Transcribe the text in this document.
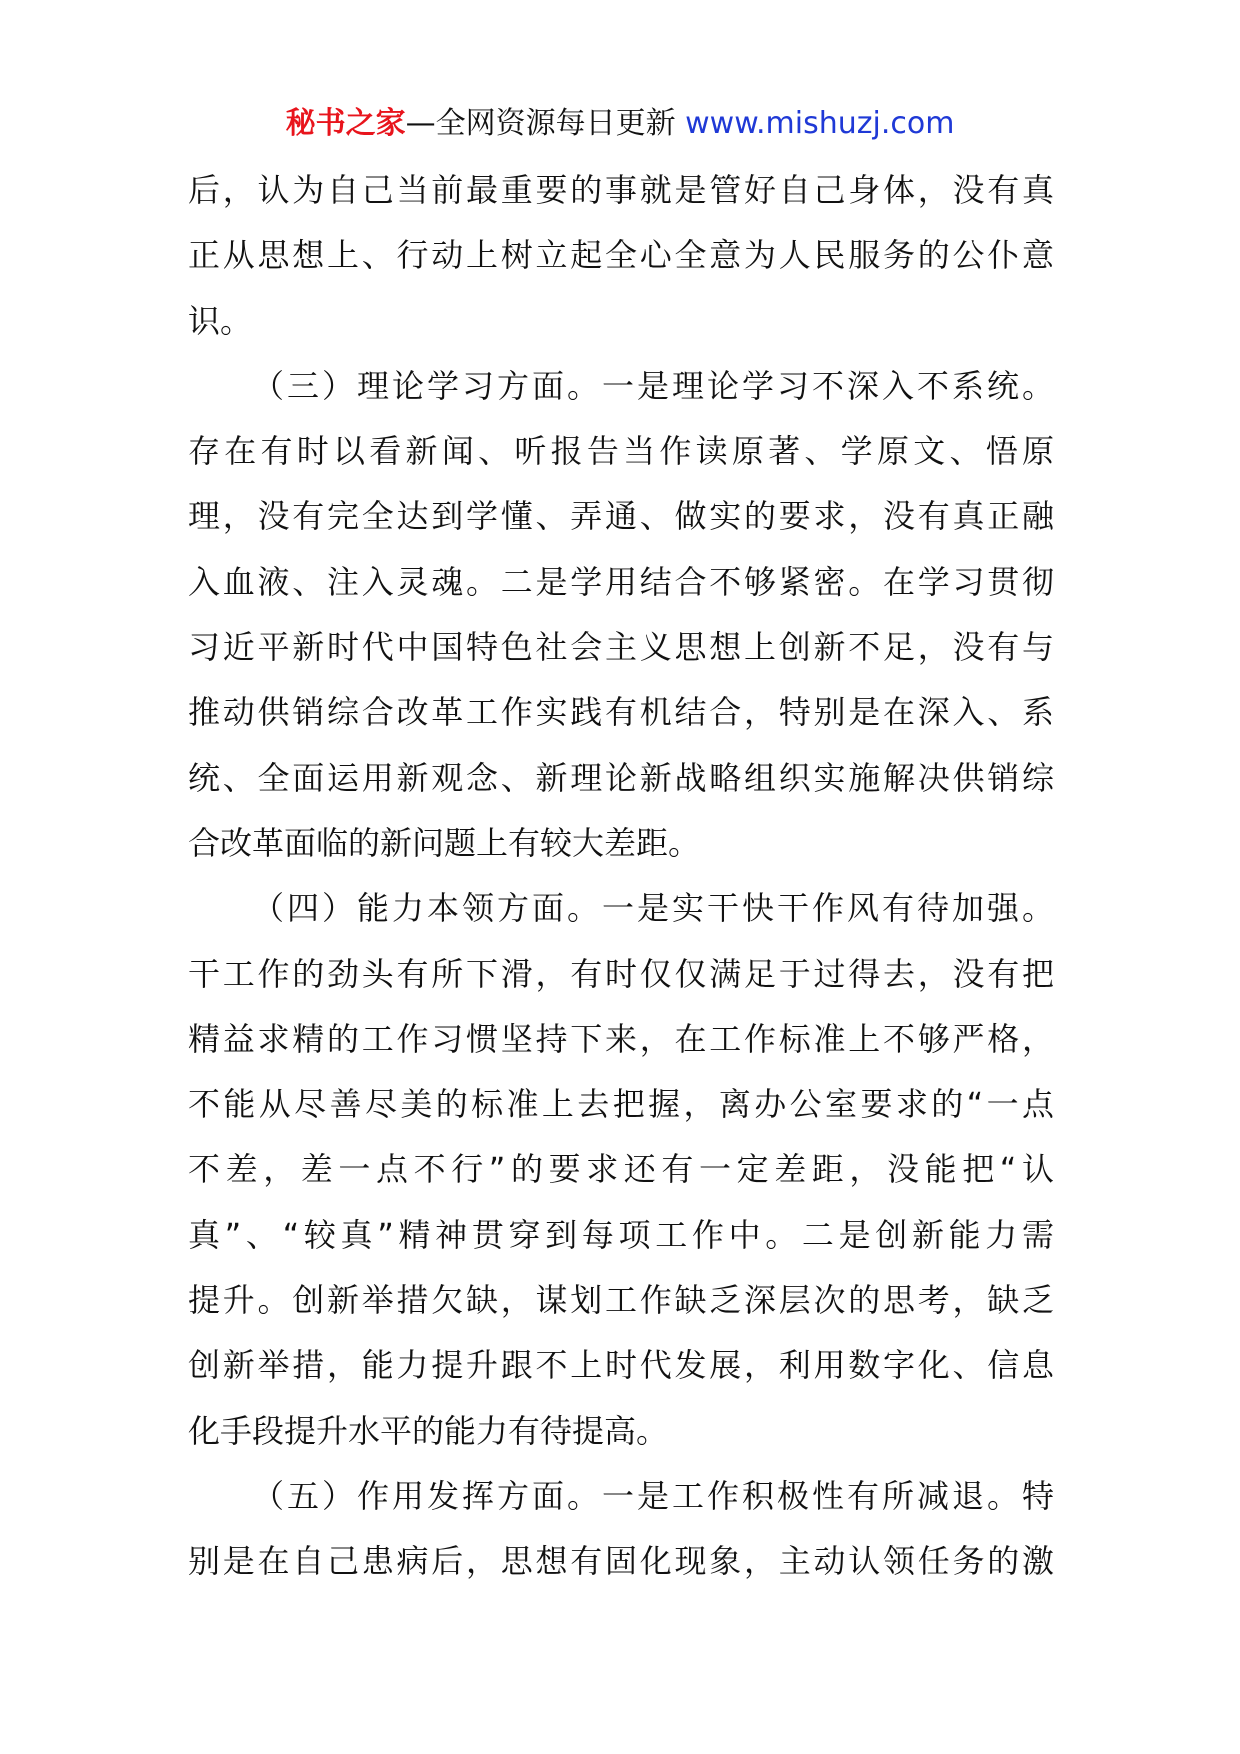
秘书之家—全网资源每日更新 www.mishuzj.com
后，认为自己当前最重要的事就是管好自己身体，没有真
正从思想上、行动上树立起全心全意为人民服务的公仆意
识。
（三）理论学习方面。一是理论学习不深入不系统。
存在有时以看新闻、听报告当作读原著、学原文、悟原
理，没有完全达到学懂、弄通、做实的要求，没有真正融
入血液、注入灵魂。二是学用结合不够紧密。在学习贯彻
习近平新时代中国特色社会主义思想上创新不足，没有与
推动供销综合改革工作实践有机结合，特别是在深入、系
统、全面运用新观念、新理论新战略组织实施解决供销综
合改革面临的新问题上有较大差距。
（四）能力本领方面。一是实干快干作风有待加强。
干工作的劲头有所下滑，有时仅仅满足于过得去，没有把
精益求精的工作习惯坚持下来，在工作标准上不够严格，
不能从尽善尽美的标准上去把握，离办公室要求的“一点
不差，差一点不行”的要求还有一定差距，没能把“认
真”、“较真”精神贯穿到每项工作中。二是创新能力需
提升。创新举措欠缺，谋划工作缺乏深层次的思考，缺乏
创新举措，能力提升跟不上时代发展，利用数字化、信息
化手段提升水平的能力有待提高。
（五）作用发挥方面。一是工作积极性有所减退。特
别是在自己患病后，思想有固化现象，主动认领任务的激
